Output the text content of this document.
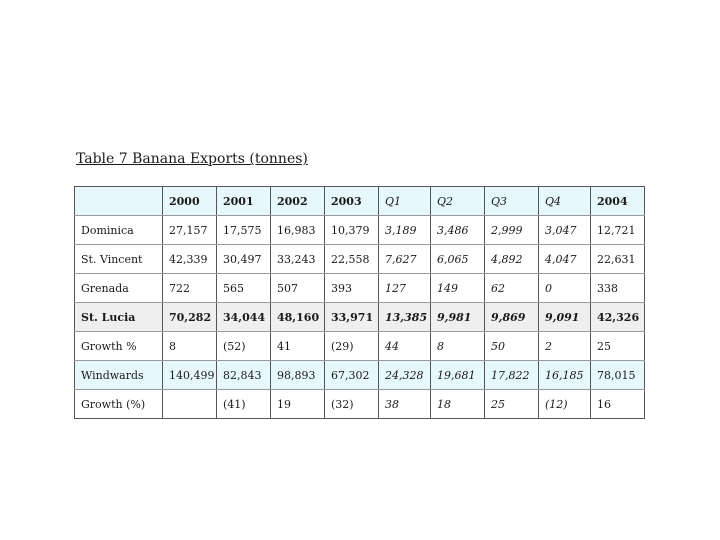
Table 7 Banana Exports (tonnes)
	2000	2001	2002	2003	Q1	Q2	Q3	Q4	2004
Dominica	27,157	17,575	16,983	10,379	3,189	3,486	2,999	3,047	12,721
St. Vincent	42,339	30,497	33,243	22,558	7,627	6,065	4,892	4,047	22,631
Grenada	722	565	507	393	127	149	62	0	338
St. Lucia	70,282	34,044	48,160	33,971	13,385	9,981	9,869	9,091	42,326
Growth %	8	(52)	41	(29)	44	8	50	2	25
Windwards	140,499	82,843	98,893	67,302	24,328	19,681	17,822	16,185	78,015
Growth (%)		(41)	19	(32)	38	18	25	(12)	16
